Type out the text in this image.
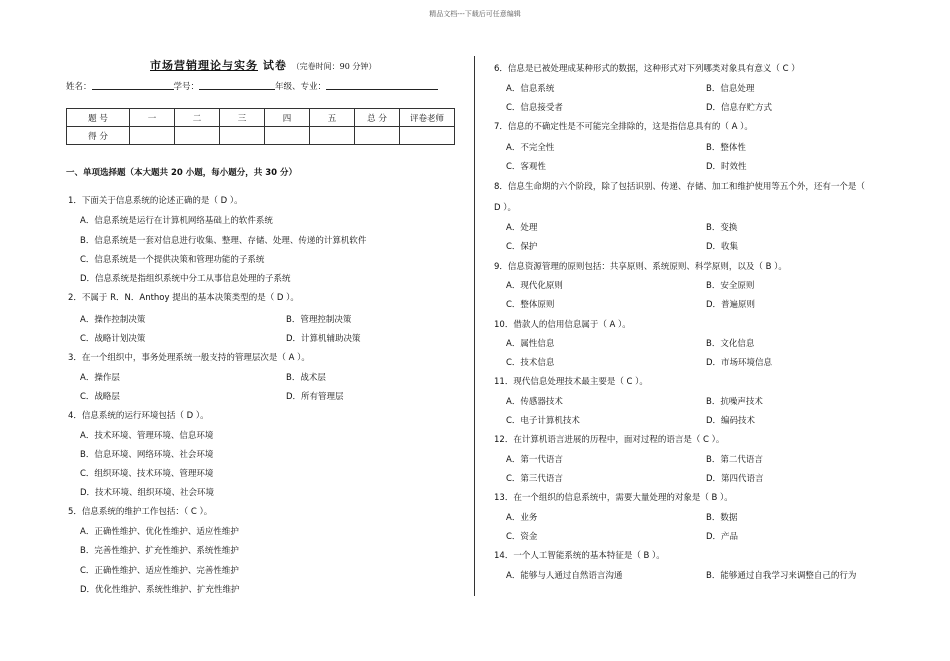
精品文档---下载后可任意编辑
市场营销理论与实务 试卷 （完卷时间：90 分钟）
姓名：	学号：	年级、专业：
题 号	一	二	三	四	五	总 分	评卷老师
得 分							
一、单项选择题（本大题共 20 小题，每小题分，共 30 分）
1．下面关于信息系统的论述正确的是（ D ）。
A．信息系统是运行在计算机网络基础上的软件系统
B．信息系统是一套对信息进行收集、整理、存储、处理、传递的计算机软件
C．信息系统是一个提供决策和管理功能的子系统
D．信息系统是指组织系统中分工从事信息处理的子系统
2．不属于 R．N．Anthoy 提出的基本决策类型的是（ D ）。
A．操作控制决策	B．管理控制决策
C．战略计划决策	D．计算机辅助决策
3．在一个组织中，事务处理系统一般支持的管理层次是（ A ）。
A．操作层	B．战术层
C．战略层	D．所有管理层
4．信息系统的运行环境包括（ D ）。
A．技术环境、管理环境、信息环境
B．信息环境、网络环境、社会环境
C．组织环境、技术环境、管理环境
D．技术环境、组织环境、社会环境
5．信息系统的维护工作包括：（ C ）。
A．正确性维护、优化性维护、适应性维护
B．完善性维护、扩充性维护、系统性维护
C．正确性维护、适应性维护、完善性维护
D．优化性维护、系统性维护、扩充性维护
6．信息是已被处理成某种形式的数据，这种形式对下列哪类对象具有意义（ C ）
A．信息系统	B．信息处理
C．信息接受者	D．信息存贮方式
7．信息的不确定性是不可能完全排除的，这是指信息具有的（ A ）。
A．不完全性	B．整体性
C．客观性	D．时效性
8．信息生命期的六个阶段，除了包括识别、传递、存储、加工和维护使用等五个外，还有一个是（
D ）。
A．处理	B．变换
C．保护	D．收集
9．信息资源管理的原则包括：共享原则、系统原则、科学原则，以及（ B ）。
A．现代化原则	B．安全原则
C．整体原则	D．普遍原则
10．借款人的信用信息属于（ A ）。
A．属性信息	B．文化信息
C．技术信息	D．市场环境信息
11．现代信息处理技术最主要是（ C ）。
A．传感器技术	B．抗噪声技术
C．电子计算机技术	D．编码技术
12．在计算机语言进展的历程中，面对过程的语言是（ C ）。
A．第一代语言	B．第二代语言
C．第三代语言	D．第四代语言
13．在一个组织的信息系统中，需要大量处理的对象是（ B ）。
A．业务	B．数据
C．资金	D．产品
14．一个人工智能系统的基本特征是（ B ）。
A．能够与人通过自然语言沟通	B．能够通过自我学习来调整自己的行为
